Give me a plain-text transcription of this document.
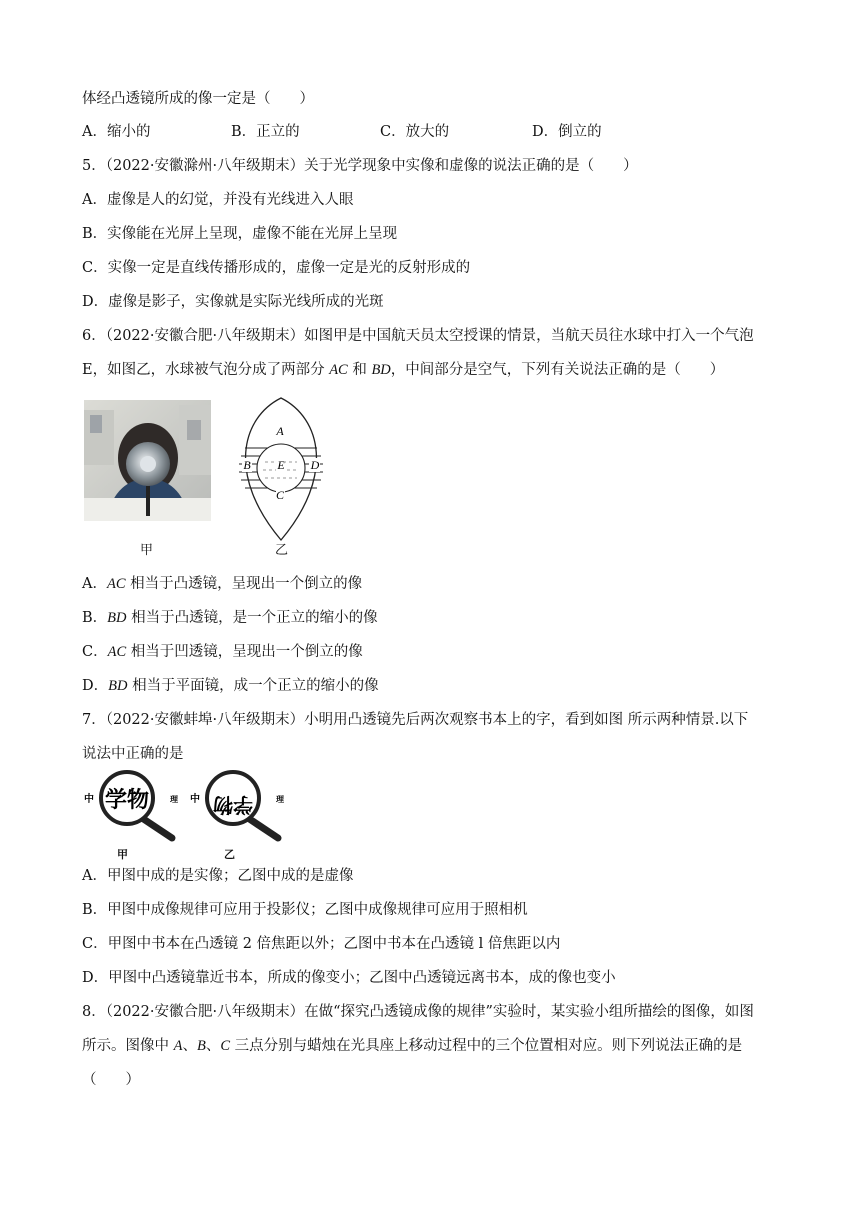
体经凸透镜所成的像一定是（　　）
A．缩小的	B．正立的	C．放大的	D．倒立的
5．（2022·安徽滁州·八年级期末）关于光学现象中实像和虚像的说法正确的是（　　）
A．虚像是人的幻觉，并没有光线进入人眼
B．实像能在光屏上呈现，虚像不能在光屏上呈现
C．实像一定是直线传播形成的，虚像一定是光的反射形成的
D．虚像是影子，实像就是实际光线所成的光斑
6．（2022·安徽合肥·八年级期末）如图甲是中国航天员太空授课的情景，当航天员往水球中打入一个气泡
E，如图乙，水球被气泡分成了两部分 AC 和 BD，中间部分是空气，下列有关说法正确的是（　　）
甲
A
B E D
C
乙
A．AC 相当于凸透镜，呈现出一个倒立的像
B．BD 相当于凸透镜，是一个正立的缩小的像
C．AC 相当于凹透镜，呈现出一个倒立的像
D．BD 相当于平面镜，成一个正立的缩小的像
7．（2022·安徽蚌埠·八年级期末）小明用凸透镜先后两次观察书本上的字，看到如图 所示两种情景.以下
说法中正确的是
中 学物	理
甲
中 学物	理
乙
A．甲图中成的是实像；乙图中成的是虚像
B．甲图中成像规律可应用于投影仪；乙图中成像规律可应用于照相机
C．甲图中书本在凸透镜 2 倍焦距以外；乙图中书本在凸透镜 l 倍焦距以内
D．甲图中凸透镜靠近书本，所成的像变小；乙图中凸透镜远离书本，成的像也变小
8．（2022·安徽合肥·八年级期末）在做“探究凸透镜成像的规律”实验时，某实验小组所描绘的图像，如图
所示。图像中 A、B、C 三点分别与蜡烛在光具座上移动过程中的三个位置相对应。则下列说法正确的是
（　　）
